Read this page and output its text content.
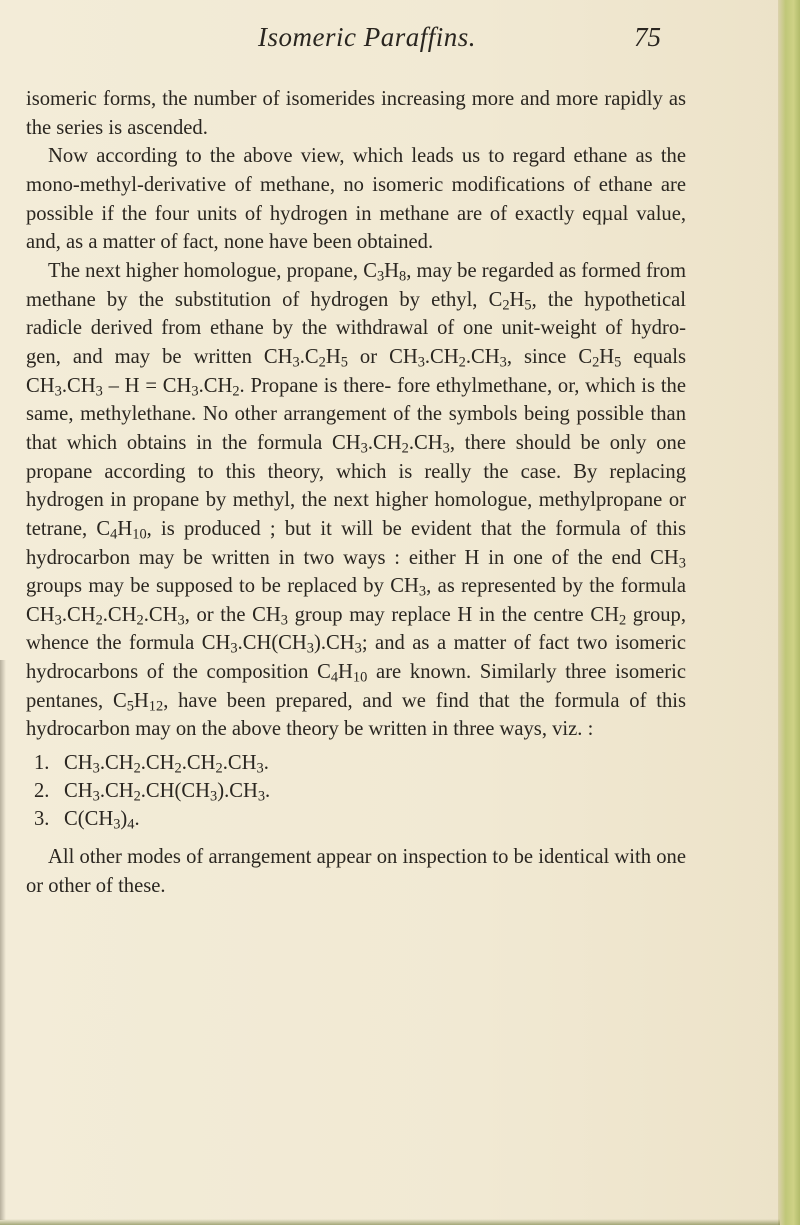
Isomeric Paraffins.	75

isomeric forms, the number of isomerides increasing more and more rapidly as the series is ascended.

Now according to the above view, which leads us to regard ethane as the mono-methyl-derivative of methane, no isomeric modifications of ethane are possible if the four units of hydrogen in methane are of exactly eqµal value, and, as a matter of fact, none have been obtained.

The next higher homologue, propane, $C_3H_8$, may be regarded as formed from methane by the substitution of hydrogen by ethyl, $C_2H_5$, the hypothetical radicle derived from ethane by the withdrawal of one unit-weight of hydro- gen, and may be written $CH_3.C_2H_5$ or $CH_3.CH_2.CH_3$, since $C_2H_5$ equals $CH_3.CH_3 - H = CH_3.CH_2$. Propane is there- fore ethylmethane, or, which is the same, methylethane. No other arrangement of the symbols being possible than that which obtains in the formula $CH_3.CH_2.CH_3$, there should be only one propane according to this theory, which is really the case. By replacing hydrogen in propane by methyl, the next higher homologue, methylpropane or tetrane, $C_4H_{10}$, is produced ; but it will be evident that the formula of this hydrocarbon may be written in two ways : either H in one of the end $CH_3$ groups may be supposed to be replaced by $CH_3$, as represented by the formula $CH_3.CH_2.CH_2.CH_3$, or the $CH_3$ group may replace H in the centre $CH_2$ group, whence the formula $CH_3.CH(CH_3).CH_3$; and as a matter of fact two isomeric hydrocarbons of the composition $C_4H_{10}$ are known. Similarly three isomeric pentanes, $C_5H_{12}$, have been prepared, and we find that the formula of this hydrocarbon may on the above theory be written in three ways, viz. :

1. $CH_3.CH_2.CH_2.CH_2.CH_3$.
2. $CH_3.CH_2.CH(CH_3).CH_3$.
3. $C(CH_3)_4$.

All other modes of arrangement appear on inspection to be identical with one or other of these.
